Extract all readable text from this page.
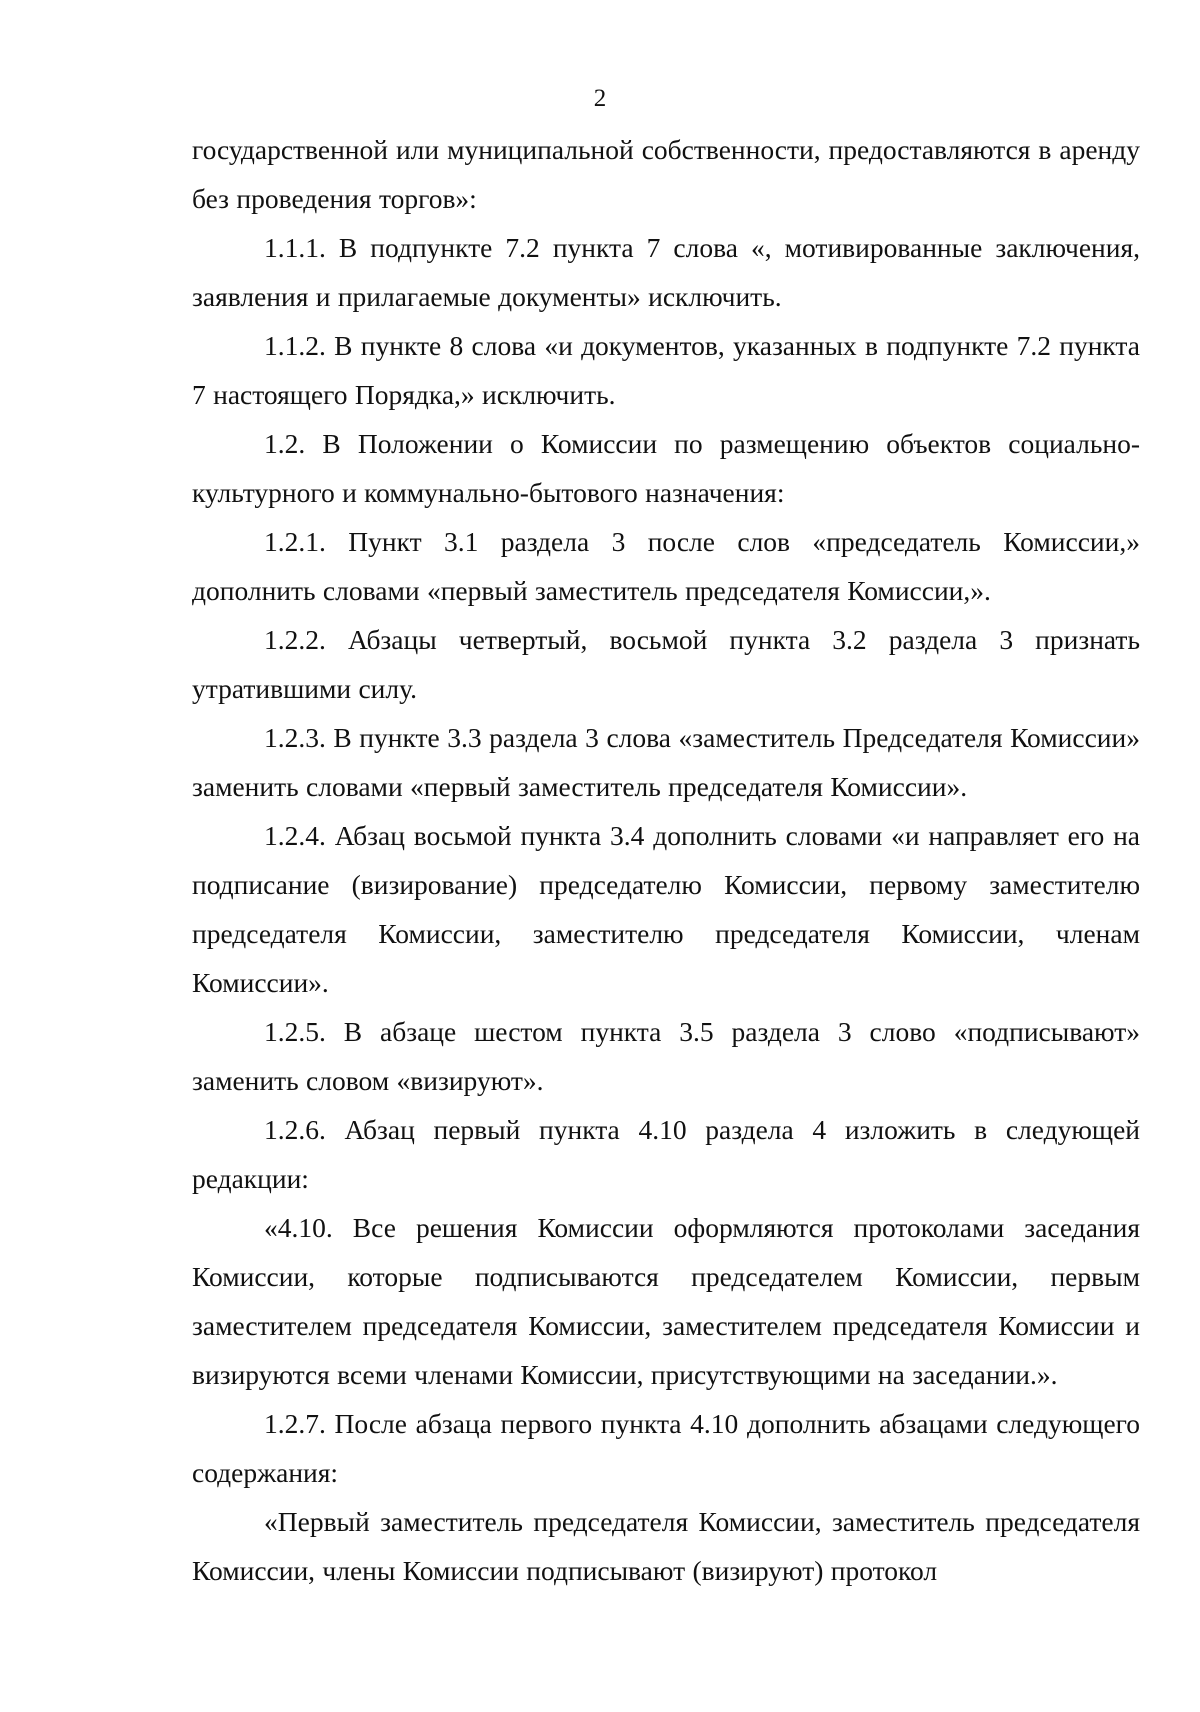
2

государственной или муниципальной собственности, предоставляются в аренду без проведения торгов»:

1.1.1. В подпункте 7.2 пункта 7 слова «, мотивированные заключения, заявления и прилагаемые документы» исключить.

1.1.2. В пункте 8 слова «и документов, указанных в подпункте 7.2 пункта 7 настоящего Порядка,» исключить.

1.2. В Положении о Комиссии по размещению объектов социально-культурного и коммунально-бытового назначения:

1.2.1. Пункт 3.1 раздела 3 после слов «председатель Комиссии,» дополнить словами «первый заместитель председателя Комиссии,».

1.2.2. Абзацы четвертый, восьмой пункта 3.2 раздела 3 признать утратившими силу.

1.2.3. В пункте 3.3 раздела 3 слова «заместитель Председателя Комиссии» заменить словами «первый заместитель председателя Комиссии».

1.2.4. Абзац восьмой пункта 3.4 дополнить словами «и направляет его на подписание (визирование) председателю Комиссии, первому заместителю председателя Комиссии, заместителю председателя Комиссии, членам Комиссии».

1.2.5. В абзаце шестом пункта 3.5 раздела 3 слово «подписывают» заменить словом «визируют».

1.2.6. Абзац первый пункта 4.10 раздела 4 изложить в следующей редакции:

«4.10. Все решения Комиссии оформляются протоколами заседания Комиссии, которые подписываются председателем Комиссии, первым заместителем председателя Комиссии, заместителем председателя Комиссии и визируются всеми членами Комиссии, присутствующими на заседании.».

1.2.7. После абзаца первого пункта 4.10 дополнить абзацами следующего содержания:

«Первый заместитель председателя Комиссии, заместитель председателя Комиссии, члены Комиссии подписывают (визируют) протокол
